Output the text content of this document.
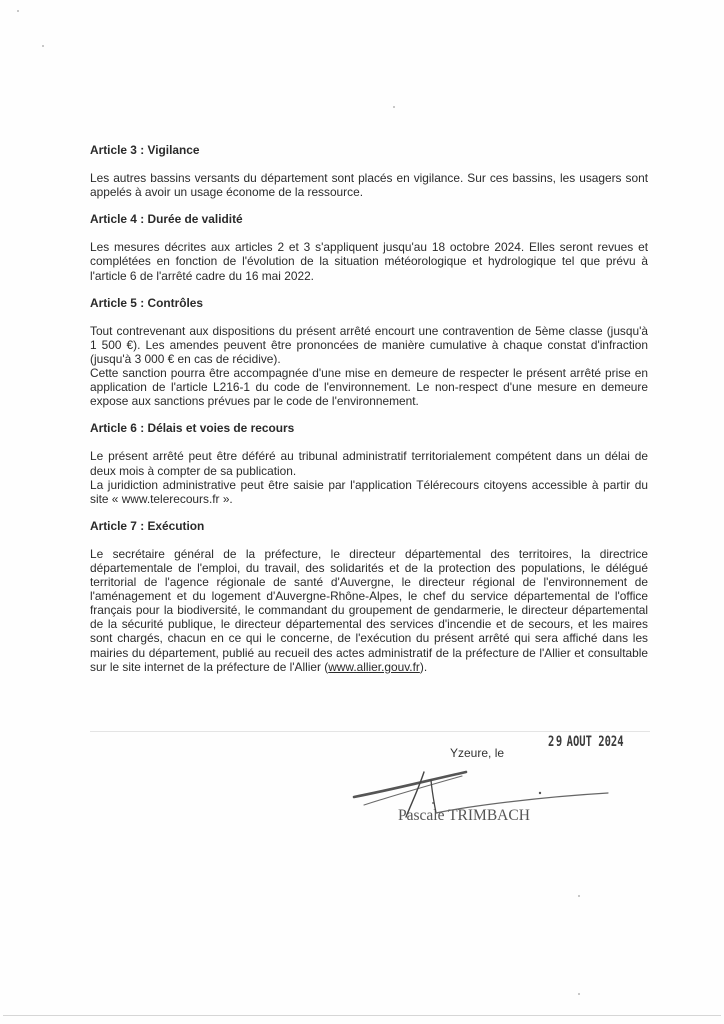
Article 3 : Vigilance

Les autres bassins versants du département sont placés en vigilance. Sur ces bassins, les usagers sont appelés à avoir un usage économe de la ressource.

Article 4 : Durée de validité

Les mesures décrites aux articles 2 et 3 s'appliquent jusqu'au 18 octobre 2024. Elles seront revues et complétées en fonction de l'évolution de la situation météorologique et hydrologique tel que prévu à l'article 6 de l'arrêté cadre du 16 mai 2022.

Article 5 : Contrôles

Tout contrevenant aux dispositions du présent arrêté encourt une contravention de 5ème classe (jusqu'à 1 500 €). Les amendes peuvent être prononcées de manière cumulative à chaque constat d'infraction (jusqu'à 3 000 € en cas de récidive).

Cette sanction pourra être accompagnée d'une mise en demeure de respecter le présent arrêté prise en application de l'article L216-1 du code de l'environnement. Le non-respect d'une mesure en demeure expose aux sanctions prévues par le code de l'environnement.

Article 6 : Délais et voies de recours

Le présent arrêté peut être déféré au tribunal administratif territorialement compétent dans un délai de deux mois à compter de sa publication.

La juridiction administrative peut être saisie par l'application Télérecours citoyens accessible à partir du site « www.telerecours.fr ».

Article 7 : Exécution

Le secrétaire général de la préfecture, le directeur départemental des territoires, la directrice départementale de l'emploi, du travail, des solidarités et de la protection des populations, le délégué territorial de l'agence régionale de santé d'Auvergne, le directeur régional de l'environnement de l'aménagement et du logement d'Auvergne-Rhône-Alpes, le chef du service départemental de l'office français pour la biodiversité, le commandant du groupement de gendarmerie, le directeur départemental de la sécurité publique, le directeur départemental des services d'incendie et de secours, et les maires sont chargés, chacun en ce qui le concerne, de l'exécution du présent arrêté qui sera affiché dans les mairies du département, publié au recueil des actes administratif de la préfecture de l'Allier et consultable sur le site internet de la préfecture de l'Allier (www.allier.gouv.fr).

Yzeure, le
29 AOUT 2024
Pascale TRIMBACH
